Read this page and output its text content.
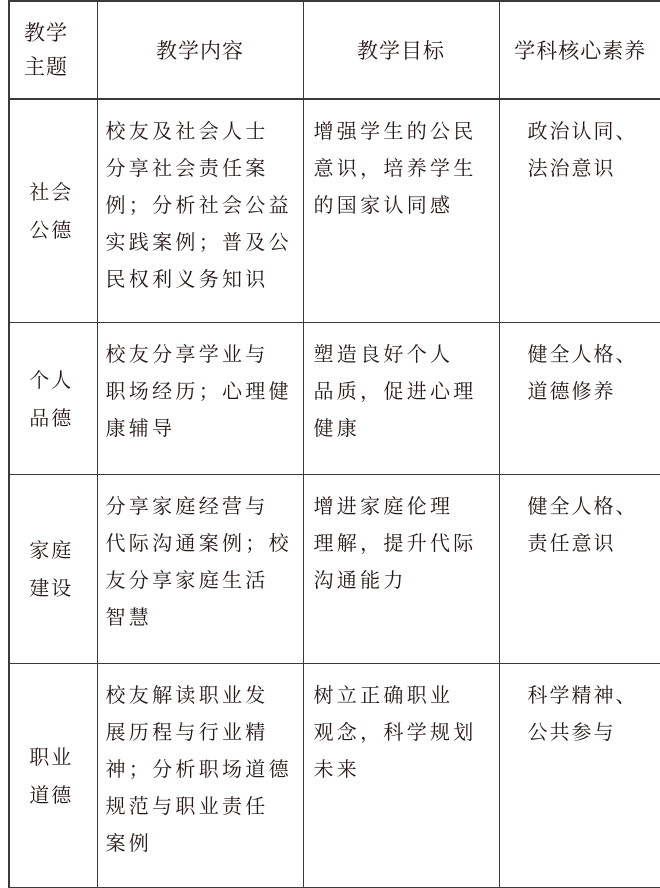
教学
主题	教学内容	教学目标	学科核心素养

社会
公德	校友及社会人士
分享社会责任案
例；分析社会公益
实践案例；普及公
民权利义务知识	增强学生的公民
意识，培养学生
的国家认同感	政治认同、
法治意识

个人
品德	校友分享学业与
职场经历；心理健
康辅导	塑造良好个人
品质，促进心理
健康	健全人格、
道德修养

家庭
建设	分享家庭经营与
代际沟通案例；校
友分享家庭生活
智慧	增进家庭伦理
理解，提升代际
沟通能力	健全人格、
责任意识

职业
道德	校友解读职业发
展历程与行业精
神；分析职场道德
规范与职业责任
案例	树立正确职业
观念，科学规划
未来	科学精神、
公共参与
